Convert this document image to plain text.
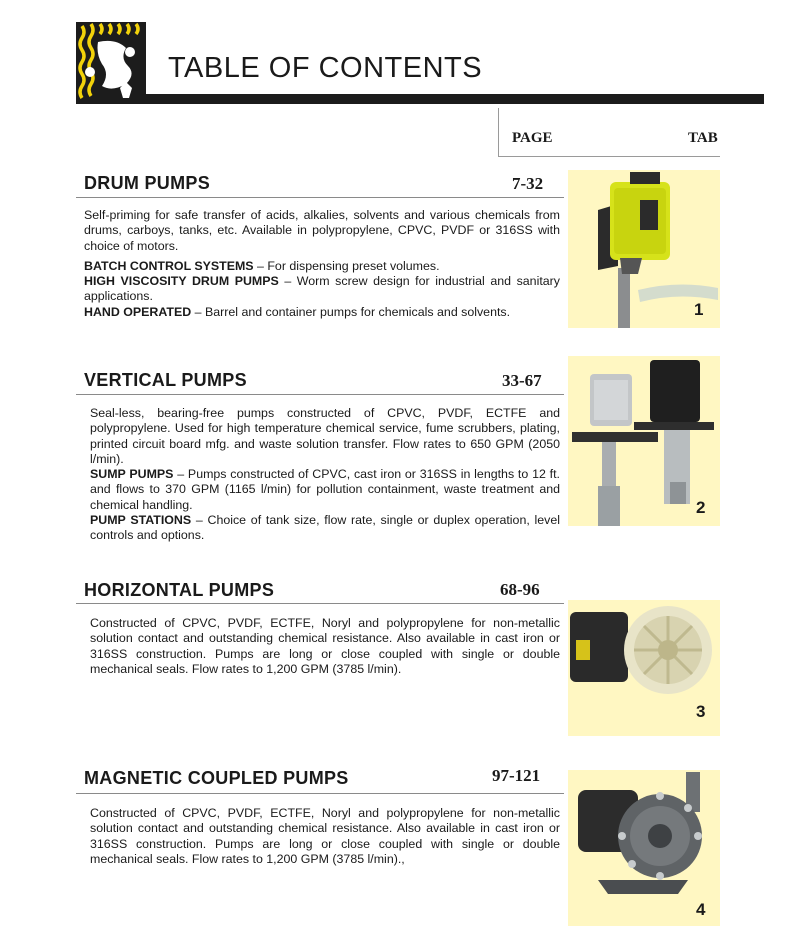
TABLE OF CONTENTS
PAGE	TAB
DRUM PUMPS	7-32

Self-priming for safe transfer of acids, alkalies, solvents and various chemicals from drums, carboys, tanks, etc. Available in polypropylene, CPVC, PVDF or 316SS with choice of motors.

BATCH CONTROL SYSTEMS – For dispensing preset volumes.

HIGH VISCOSITY DRUM PUMPS – Worm screw design for industrial and sanitary applications.

HAND OPERATED – Barrel and container pumps for chemicals and solvents.	1
VERTICAL PUMPS	33-67

Seal-less, bearing-free pumps constructed of CPVC, PVDF, ECTFE and polypropylene. Used for high temperature chemical service, fume scrubbers, plating, printed circuit board mfg. and waste solution transfer. Flow rates to 650 GPM (2050 l/min).

SUMP PUMPS – Pumps constructed of CPVC, cast iron or 316SS in lengths to 12 ft. and flows to 370 GPM (1165 l/min) for pollution containment, waste treatment and chemical handling.

PUMP STATIONS – Choice of tank size, flow rate, single or duplex operation, level controls and options.

2
HORIZONTAL PUMPS	68-96

Constructed of CPVC, PVDF, ECTFE, Noryl and polypropylene for non-metallic solution contact and outstanding chemical resistance. Also available in cast iron or 316SS construction. Pumps are long or close coupled with single or double mechanical seals. Flow rates to 1,200 GPM (3785 l/min).

3
MAGNETIC COUPLED PUMPS	97-121

Constructed of CPVC, PVDF, ECTFE, Noryl and polypropylene for non-metallic solution contact and outstanding chemical resistance. Also available in cast iron or 316SS construction. Pumps are long or close coupled with single or double mechanical seals. Flow rates to 1,200 GPM (3785 l/min).,

4
